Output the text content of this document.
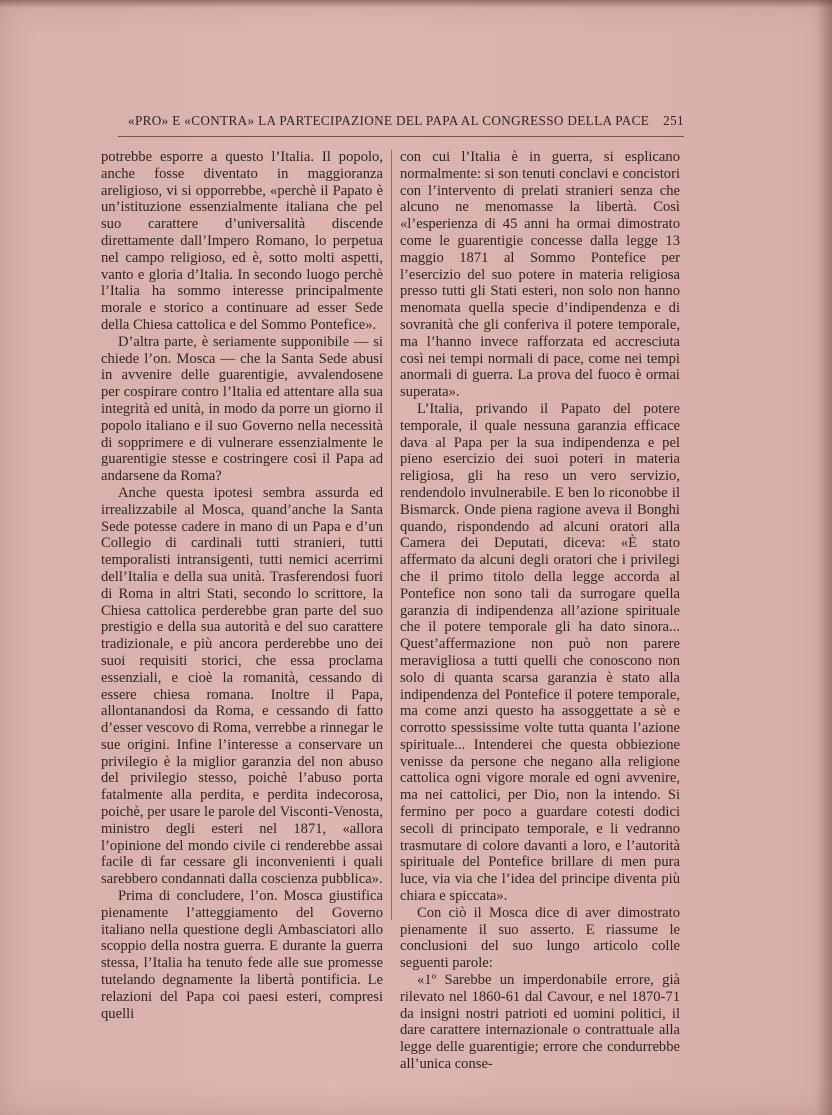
«PRO» E «CONTRA» LA PARTECIPAZIONE DEL PAPA AL CONGRESSO DELLA PACE 251

potrebbe esporre a questo l’Italia. Il popolo, anche fosse diventato in maggioranza areligioso, vi si opporrebbe, «perchè il Papato è un’istituzione essenzialmente italiana che pel suo carattere d’universalità discende direttamente dall’Impero Romano, lo perpetua nel campo religioso, ed è, sotto molti aspetti, vanto e gloria d’Italia. In secondo luogo perchè l’Italia ha sommo interesse principalmente morale e storico a continuare ad esser Sede della Chiesa cattolica e del Sommo Pontefice».

D’altra parte, è seriamente supponibile — si chiede l’on. Mosca — che la Santa Sede abusi in avvenire delle guarentigie, avvalendosene per cospirare contro l’Italia ed attentare alla sua integrità ed unità, in modo da porre un giorno il popolo italiano e il suo Governo nella necessità di sopprimere e di vulnerare essenzialmente le guarentigie stesse e costringere così il Papa ad andarsene da Roma?

Anche questa ipotesi sembra assurda ed irrealizzabile al Mosca, quand’anche la Santa Sede potesse cadere in mano di un Papa e d’un Collegio di cardinali tutti stranieri, tutti temporalisti intransigenti, tutti nemici acerrimi dell’Italia e della sua unità. Trasferendosi fuori di Roma in altri Stati, secondo lo scrittore, la Chiesa cattolica perderebbe gran parte del suo prestigio e della sua autorità e del suo carattere tradizionale, e più ancora perderebbe uno dei suoi requisiti storici, che essa proclama essenziali, e cioè la romanità, cessando di essere chiesa romana. Inoltre il Papa, allontanandosi da Roma, e cessando di fatto d’esser vescovo di Roma, verrebbe a rinnegar le sue origini. Infine l’interesse a conservare un privilegio è la miglior garanzia del non abuso del privilegio stesso, poichè l’abuso porta fatalmente alla perdita, e perdita indecorosa, poichè, per usare le parole del Visconti-Venosta, ministro degli esteri nel 1871, «allora l’opinione del mondo civile ci renderebbe assai facile di far cessare gli inconvenienti i quali sarebbero condannati dalla coscienza pubblica».

Prima di concludere, l’on. Mosca giustifica pienamente l’atteggiamento del Governo italiano nella questione degli Ambasciatori allo scoppio della nostra guerra. E durante la guerra stessa, l’Italia ha tenuto fede alle sue promesse tutelando degnamente la libertà pontificia. Le relazioni del Papa coi paesi esteri, compresi quelli

con cui l’Italia è in guerra, si esplicano normalmente: si son tenuti conclavi e concistori con l’intervento di prelati stranieri senza che alcuno ne menomasse la libertà. Così «l’esperienza di 45 anni ha ormai dimostrato come le guarentigie concesse dalla legge 13 maggio 1871 al Sommo Pontefice per l’esercizio del suo potere in materia religiosa presso tutti gli Stati esteri, non solo non hanno menomata quella specie d’indipendenza e di sovranità che gli conferiva il potere temporale, ma l’hanno invece rafforzata ed accresciuta così nei tempi normali di pace, come nei tempi anormali di guerra. La prova del fuoco è ormai superata».

L’Italia, privando il Papato del potere temporale, il quale nessuna garanzia efficace dava al Papa per la sua indipendenza e pel pieno esercizio dei suoi poteri in materia religiosa, gli ha reso un vero servizio, rendendolo invulnerabile. E ben lo riconobbe il Bismarck. Onde piena ragione aveva il Bonghi quando, rispondendo ad alcuni oratori alla Camera dei Deputati, diceva: «È stato affermato da alcuni degli oratori che i privilegi che il primo titolo della legge accorda al Pontefice non sono tali da surrogare quella garanzia di indipendenza all’azione spirituale che il potere temporale gli ha dato sinora... Quest’affermazione non può non parere meravigliosa a tutti quelli che conoscono non solo di quanta scarsa garanzia è stato alla indipendenza del Pontefice il potere temporale, ma come anzi questo ha assoggettate a sè e corrotto spessissime volte tutta quanta l’azione spirituale... Intenderei che questa obbiezione venisse da persone che negano alla religione cattolica ogni vigore morale ed ogni avvenire, ma nei cattolici, per Dio, non la intendo. Si fermino per poco a guardare cotesti dodici secoli di principato temporale, e li vedranno trasmutare di colore davanti a loro, e l’autorità spirituale del Pontefice brillare di men pura luce, via via che l’idea del principe diventa più chiara e spiccata».

Con ciò il Mosca dice di aver dimostrato pienamente il suo asserto. E riassume le conclusioni del suo lungo articolo colle seguenti parole:

«1º Sarebbe un imperdonabile errore, già rilevato nel 1860-61 dal Cavour, e nel 1870-71 da insigni nostri patrioti ed uomini politici, il dare carattere internazionale o contrattuale alla legge delle guarentigie; errore che condurrebbe all’unica conse-
